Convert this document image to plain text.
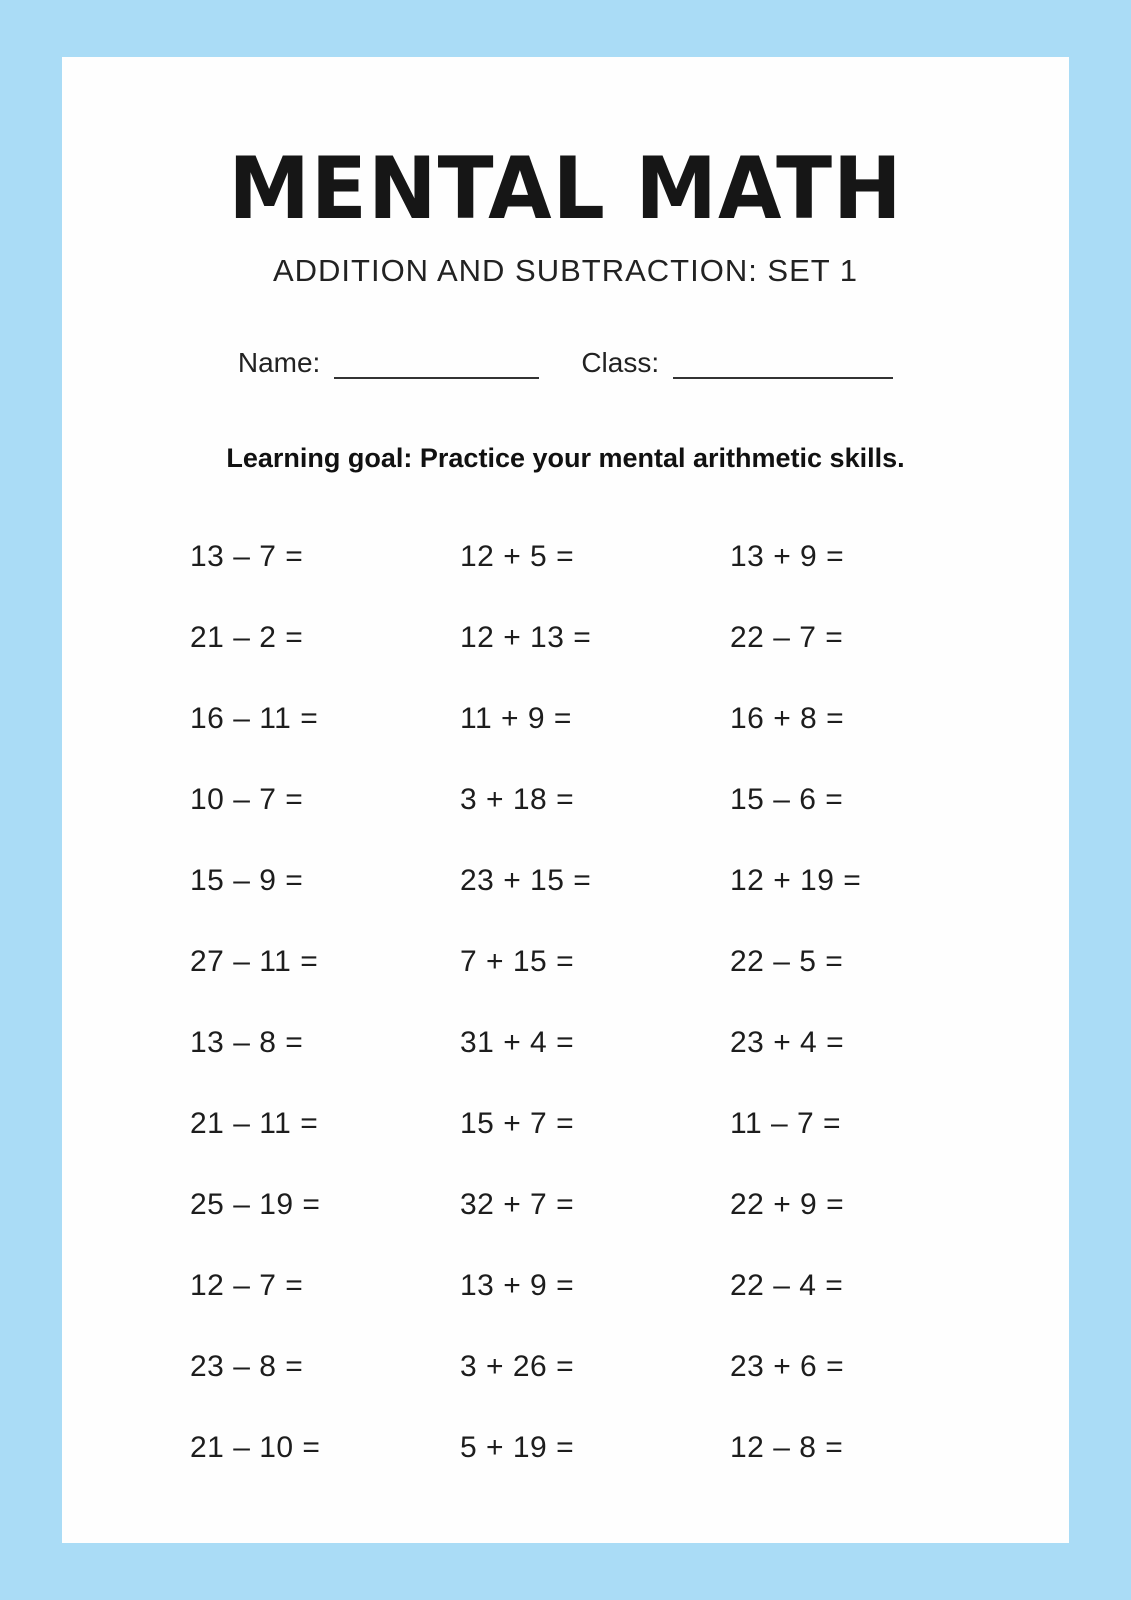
MENTAL MATH
ADDITION AND SUBTRACTION: SET 1
Name:	Class:
Learning goal: Practice your mental arithmetic skills.
13 – 7 =
21 – 2 =
16 – 11 =
10 – 7 =
15 – 9 =
27 – 11 =
13 – 8 =
21 – 11 =
25 – 19 =
12 – 7 =
23 – 8 =
21 – 10 =
12 + 5 =
12 + 13 =
11 + 9 =
3 + 18 =
23 + 15 =
7 + 15 =
31 + 4 =
15 + 7 =
32 + 7 =
13 + 9 =
3 + 26 =
5 + 19 =
13 + 9 =
22 – 7 =
16 + 8 =
15 – 6 =
12 + 19 =
22 – 5 =
23 + 4 =
11 – 7 =
22 + 9 =
22 – 4 =
23 + 6 =
12 – 8 =
